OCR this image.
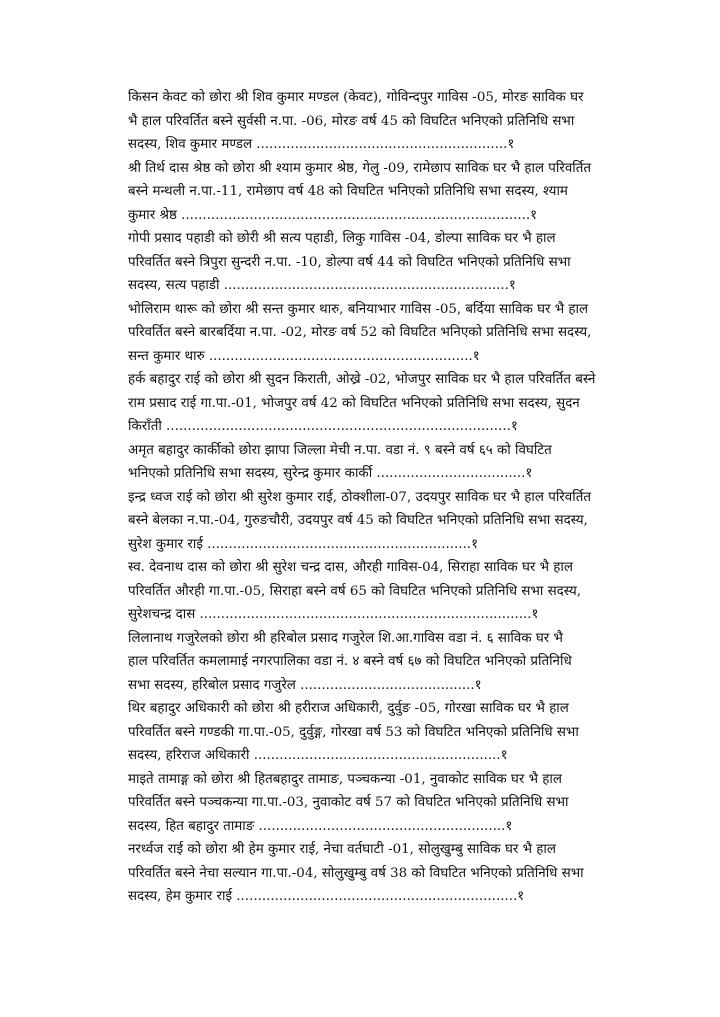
किसन केवट को छोरा श्री शिव कुमार मण्डल (केवट), गोविन्दपुर गाविस -05, मोरङ साविक घर
भै हाल परिवर्तित बस्ने सुर्वसी न.पा. -06, मोरङ वर्ष 45 को विघटित भनिएको प्रतिनिधि सभा
सदस्य, शिव कुमार मण्डल ...........................................................१

श्री तिर्थ दास श्रेष्ठ को छोरा श्री श्याम कुमार श्रेष्ठ, गेलु -09, रामेछाप साविक घर भै हाल परिवर्तित
बस्ने मन्थली न.पा.-11, रामेछाप वर्ष 48 को विघटित भनिएको प्रतिनिधि सभा सदस्य, श्याम
कुमार श्रेष्ठ ..................................................................................१

गोपी प्रसाद पहाडी को छोरी श्री सत्य पहाडी, लिकु गाविस -04, डोल्पा साविक घर भै हाल
परिवर्तित बस्ने त्रिपुरा सुन्दरी न.पा. -10, डोल्पा वर्ष 44 को विघटित भनिएको प्रतिनिधि सभा
सदस्य, सत्य पहाडी ...................................................................१

भोलिराम थारू को छोरा श्री सन्त कुमार थारु, बनियाभार गाविस -05, बर्दिया साविक घर भै हाल
परिवर्तित बस्ने बारबर्दिया न.पा. -02, मोरङ वर्ष 52 को विघटित भनिएको प्रतिनिधि सभा सदस्य,
सन्त कुमार थारु ..............................................................१

हर्क बहादुर राई को छोरा श्री सुदन किराती, ओख्रे -02, भोजपुर साविक घर भै हाल परिवर्तित बस्ने
राम प्रसाद राई गा.पा.-01, भोजपुर वर्ष 42 को विघटित भनिएको प्रतिनिधि सभा सदस्य, सुदन
किराँती .................................................................................१

अमृत बहादुर कार्कीको छोरा झापा जिल्ला मेची न.पा. वडा नं. ९ बस्ने वर्ष ६५ को विघटित
भनिएको प्रतिनिधि सभा सदस्य, सुरेन्द्र कुमार कार्की ...................................१

इन्द्र ध्वज राई को छोरा श्री सुरेश कुमार राई, ठोक्शीला-07, उदयपुर साविक घर भै हाल परिवर्तित
बस्ने बेलका न.पा.-04, गुरुङचौरी, उदयपुर वर्ष 45 को विघटित भनिएको प्रतिनिधि सभा सदस्य,
सुरेश कुमार राई ..............................................................१

स्व. देवनाथ दास को छोरा श्री सुरेश चन्द्र दास, औरही गाविस-04, सिराहा साविक घर भै हाल
परिवर्तित औरही गा.पा.-05, सिराहा बस्ने वर्ष 65 को विघटित भनिएको प्रतिनिधि सभा सदस्य,
सुरेशचन्द्र दास ..............................................................................१

लिलानाथ गजुरेलको छोरा श्री हरिबोल प्रसाद गजुरेल शि.आ.गाविस वडा नं. ६ साविक घर भै
हाल परिवर्तित कमलामाई नगरपालिका वडा नं. ४ बस्ने वर्ष ६७ को विघटित भनिएको प्रतिनिधि
सभा सदस्य, हरिबोल प्रसाद गजुरेल .........................................१

थिर बहादुर अधिकारी को छोरा श्री हरीराज अधिकारी, दुर्वुङ -05, गोरखा साविक घर भै हाल
परिवर्तित बस्ने गण्डकी गा.पा.-05, दुर्वुङ्ग, गोरखा वर्ष 53 को विघटित भनिएको प्रतिनिधि सभा
सदस्य, हरिराज अधिकारी ..........................................................१

माइते तामाङ्ग को छोरा श्री हितबहादुर तामाङ, पञ्चकन्या -01, नुवाकोट साविक घर भै हाल
परिवर्तित बस्ने पञ्चकन्या गा.पा.-03, नुवाकोट वर्ष 57 को विघटित भनिएको प्रतिनिधि सभा
सदस्य, हित बहादुर तामाङ ..........................................................१

नरर्ध्वज राई को छोरा श्री हेम कुमार राई, नेचा वर्तघाटी -01, सोलुखुम्बु साविक घर भै हाल
परिवर्तित बस्ने नेचा सल्यान गा.पा.-04, सोलुखुम्बु वर्ष 38 को विघटित भनिएको प्रतिनिधि सभा
सदस्य, हेम कुमार राई ..................................................................१
